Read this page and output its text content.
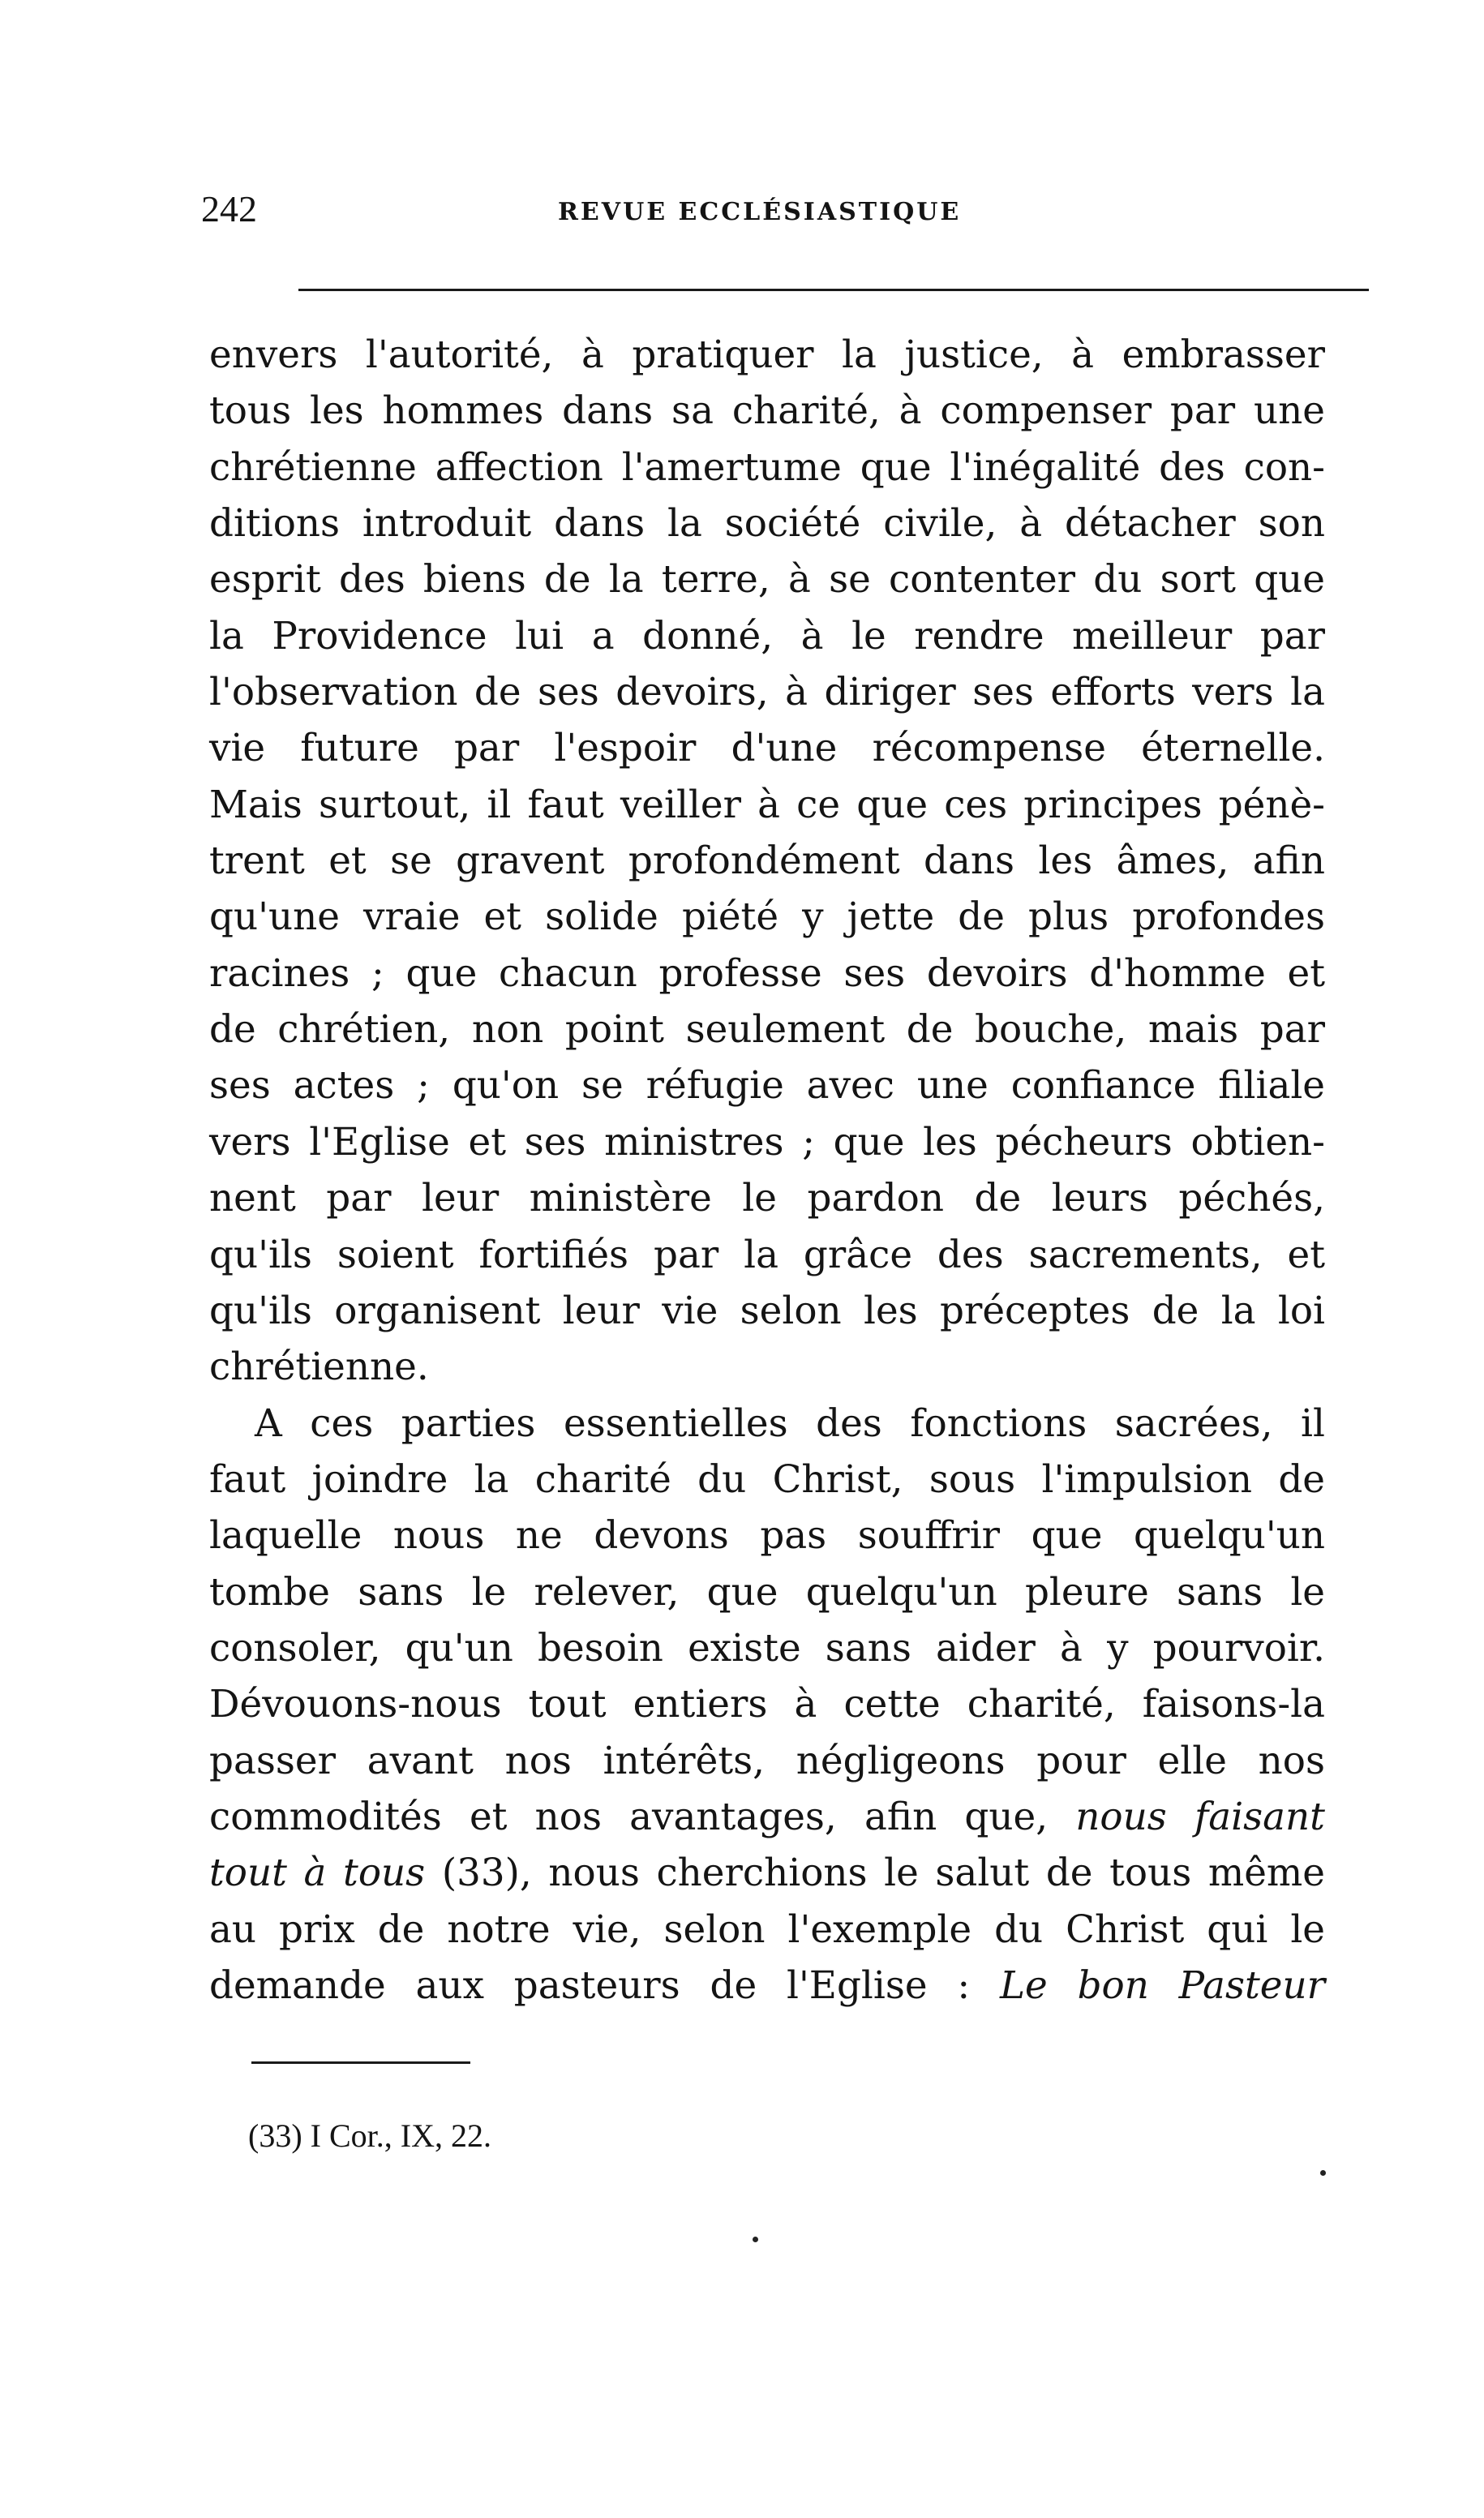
242	REVUE ECCLÉSIASTIQUE
envers l'autorité, à pratiquer la justice, à embrasser
tous les hommes dans sa charité, à compenser par une
chrétienne affection l'amertume que l'inégalité des con-
ditions introduit dans la société civile, à détacher son
esprit des biens de la terre, à se contenter du sort que
la Providence lui a donné, à le rendre meilleur par
l'observation de ses devoirs, à diriger ses efforts vers la
vie future par l'espoir d'une récompense éternelle.
Mais surtout, il faut veiller à ce que ces principes pénè-
trent et se gravent profondément dans les âmes, afin
qu'une vraie et solide piété y jette de plus profondes
racines ; que chacun professe ses devoirs d'homme et
de chrétien, non point seulement de bouche, mais par
ses actes ; qu'on se réfugie avec une confiance filiale
vers l'Eglise et ses ministres ; que les pécheurs obtien-
nent par leur ministère le pardon de leurs péchés,
qu'ils soient fortifiés par la grâce des sacrements, et
qu'ils organisent leur vie selon les préceptes de la loi
chrétienne.
A ces parties essentielles des fonctions sacrées, il
faut joindre la charité du Christ, sous l'impulsion de
laquelle nous ne devons pas souffrir que quelqu'un
tombe sans le relever, que quelqu'un pleure sans le
consoler, qu'un besoin existe sans aider à y pourvoir.
Dévouons-nous tout entiers à cette charité, faisons-la
passer avant nos intérêts, négligeons pour elle nos
commodités et nos avantages, afin que, nous faisant
tout à tous (33), nous cherchions le salut de tous même
au prix de notre vie, selon l'exemple du Christ qui le
demande aux pasteurs de l'Eglise : Le bon Pasteur
(33) I Cor., IX, 22.
